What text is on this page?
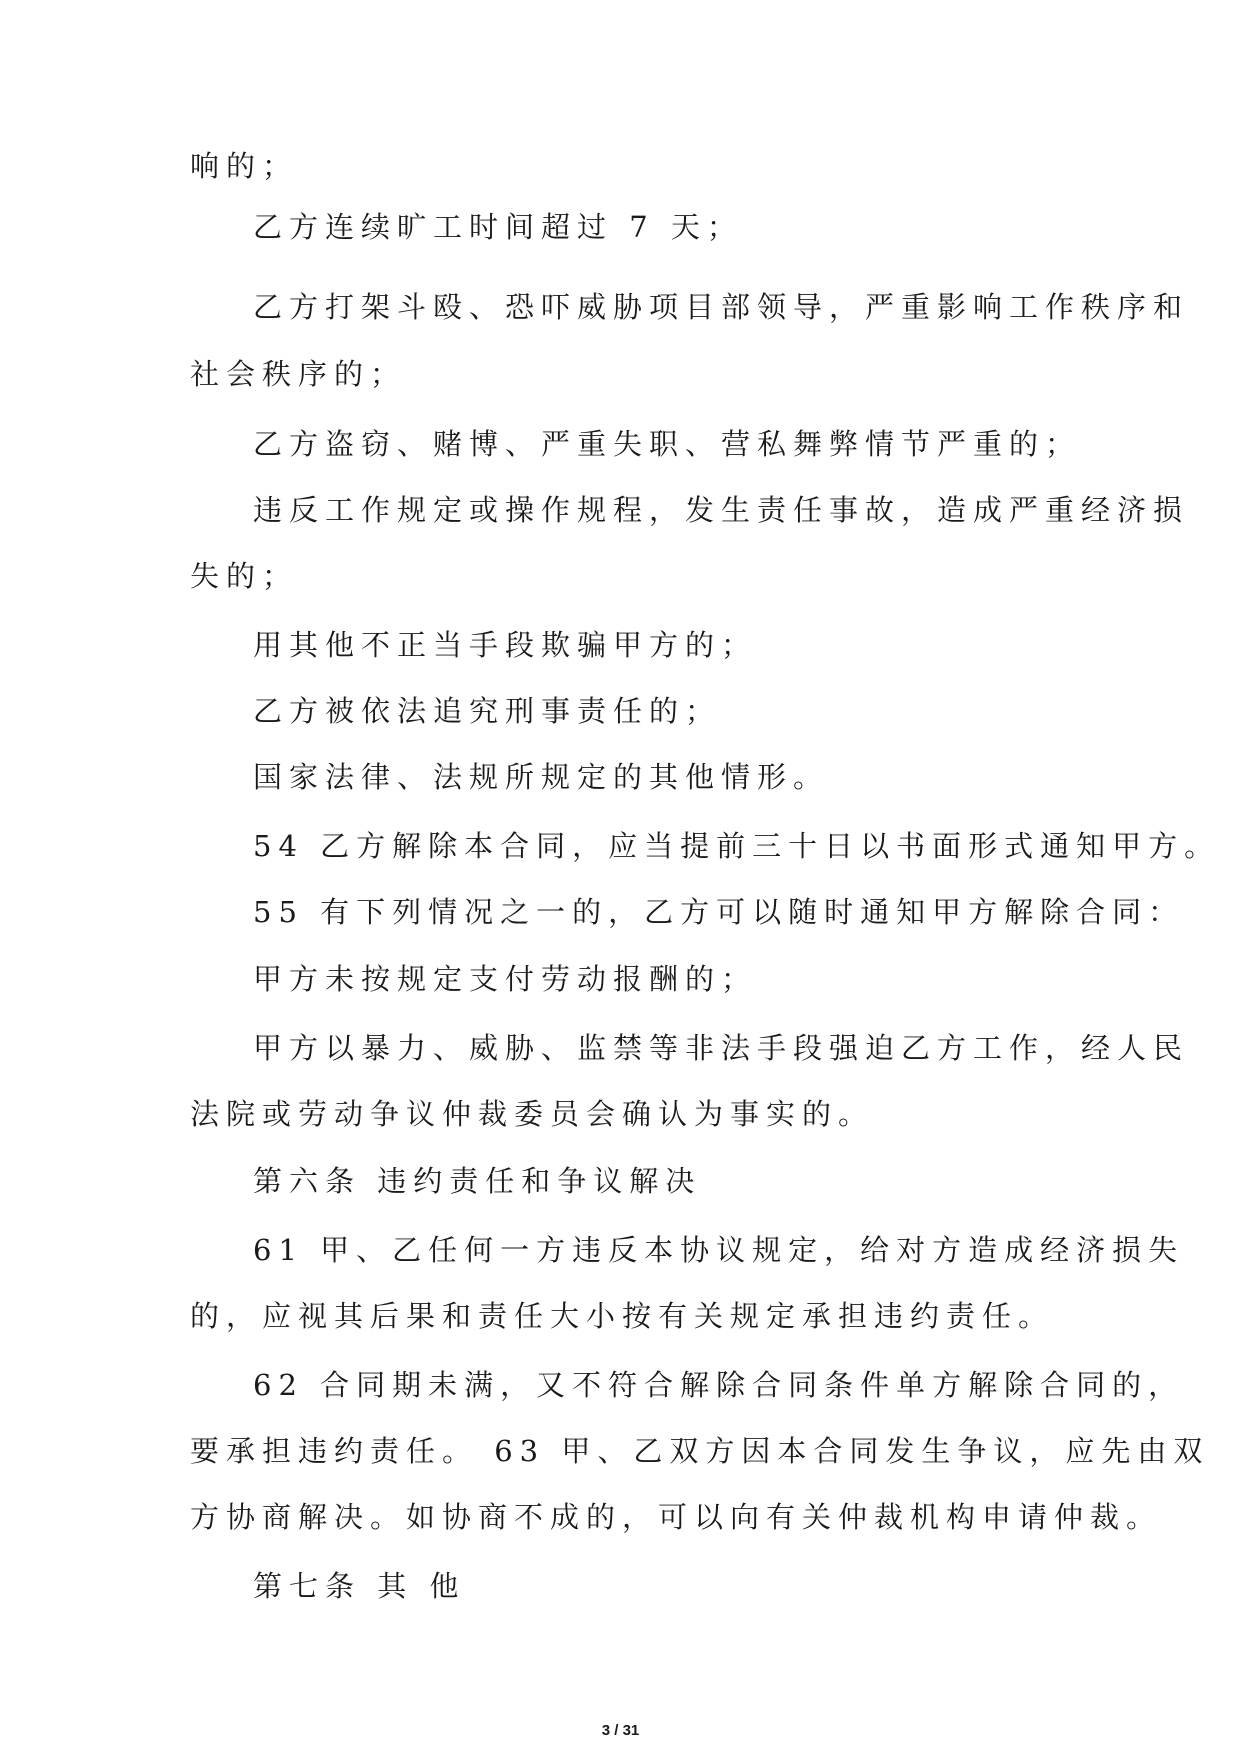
响的；
乙方连续旷工时间超过 7 天；
乙方打架斗殴、恐吓威胁项目部领导，严重影响工作秩序和
社会秩序的；
乙方盗窃、赌博、严重失职、营私舞弊情节严重的；
违反工作规定或操作规程，发生责任事故，造成严重经济损
失的；
用其他不正当手段欺骗甲方的；
乙方被依法追究刑事责任的；
国家法律、法规所规定的其他情形。
54 乙方解除本合同，应当提前三十日以书面形式通知甲方。
55 有下列情况之一的，乙方可以随时通知甲方解除合同：
甲方未按规定支付劳动报酬的；
甲方以暴力、威胁、监禁等非法手段强迫乙方工作，经人民
法院或劳动争议仲裁委员会确认为事实的。
第六条 违约责任和争议解决
61 甲、乙任何一方违反本协议规定，给对方造成经济损失
的，应视其后果和责任大小按有关规定承担违约责任。
62 合同期未满，又不符合解除合同条件单方解除合同的，
要承担违约责任。 63 甲、乙双方因本合同发生争议，应先由双
方协商解决。如协商不成的，可以向有关仲裁机构申请仲裁。
第七条 其 他
3 / 31
